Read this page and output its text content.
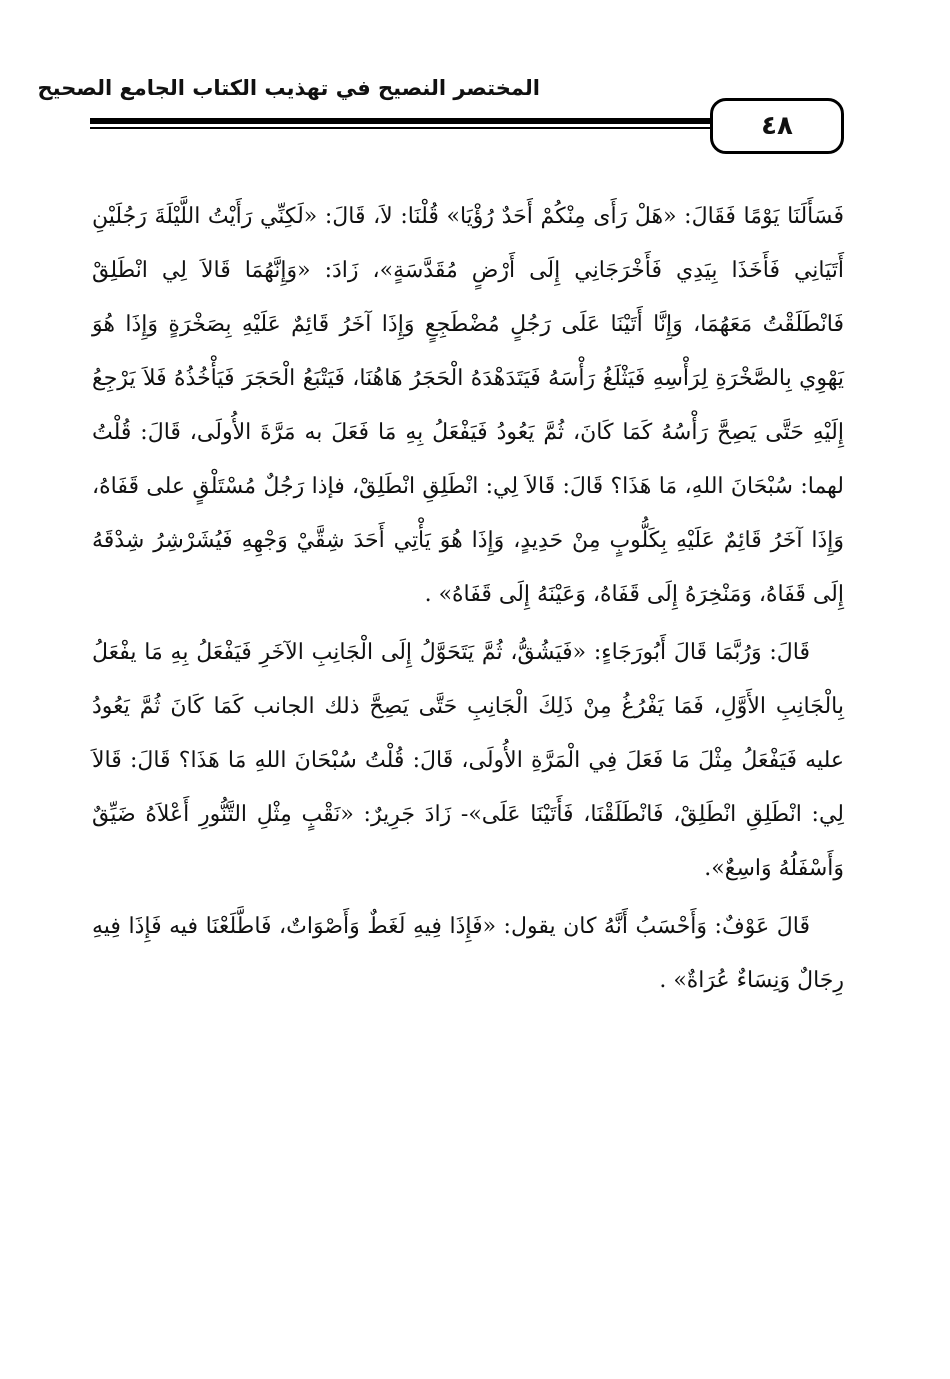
المختصر النصيح في تهذيب الكتاب الجامع الصحيح
٤٨

فَسَأَلَنَا يَوْمًا فَقَالَ: «هَلْ رَأَى مِنْكُمْ أَحَدٌ رُؤْيَا» قُلْنَا: لاَ، قَالَ: «لَكِنِّي رَأَيْتُ اللَّيْلَةَ رَجُلَيْنِ أَتَيَانِي فَأَخَذَا بِيَدِي فَأَخْرَجَانِي إِلَى أَرْضٍ مُقَدَّسَةٍ»، زَادَ: «وَإِنَّهُمَا قَالاَ لِي انْطَلِقْ فَانْطَلَقْتُ مَعَهُمَا، وَإِنَّا أَتَيْنَا عَلَى رَجُلٍ مُضْطَجِعٍ وَإِذَا آخَرُ قَائِمٌ عَلَيْهِ بِصَخْرَةٍ وَإِذَا هُوَ يَهْوِي بِالصَّخْرَةِ لِرَأْسِهِ فَيَثْلَغُ رَأْسَهُ فَيَتَدَهْدَهُ الْحَجَرُ هَاهُنَا، فَيَتْبَعُ الْحَجَرَ فَيَأْخُذُهُ فَلاَ يَرْجِعُ إِلَيْهِ حَتَّى يَصِحَّ رَأْسُهُ كَمَا كَانَ، ثُمَّ يَعُودُ فَيَفْعَلُ بِهِ مَا فَعَلَ به مَرَّةَ الأُولَى، قَالَ: قُلْتُ لهما: سُبْحَانَ اللهِ، مَا هَذَا؟ قَالَ: قَالاَ لِي: انْطَلِقِ انْطَلِقْ، فإذا رَجُلٌ مُسْتَلْقٍ على قَفَاهُ، وَإِذَا آخَرُ قَائِمٌ عَلَيْهِ بِكَلُّوبٍ مِنْ حَدِيدٍ، وَإِذَا هُوَ يَأْتِي أَحَدَ شِقَّيْ وَجْهِهِ فَيُشَرْشِرُ شِدْقَهُ إِلَى قَفَاهُ، وَمَنْخِرَهُ إِلَى قَفَاهُ، وَعَيْنَهُ إِلَى قَفَاهُ» .

قَالَ: وَرُبَّمَا قَالَ أَبُورَجَاءٍ: «فَيَشُقُّ، ثُمَّ يَتَحَوَّلُ إِلَى الْجَانِبِ الآخَرِ فَيَفْعَلُ بِهِ مَا يفْعَلُ بِالْجَانِبِ الأَوَّلِ، فَمَا يَفْرُغُ مِنْ ذَلِكَ الْجَانِبِ حَتَّى يَصِحَّ ذلك الجانب كَمَا كَانَ ثُمَّ يَعُودُ عليه فَيَفْعَلُ مِثْلَ مَا فَعَلَ فِي الْمَرَّةِ الأُولَى، قَالَ: قُلْتُ سُبْحَانَ اللهِ مَا هَذَا؟ قَالَ: قَالاَ لِي: انْطَلِقِ انْطَلِقْ، فَانْطَلَقْنَا، فَأَتَيْنَا عَلَى»- زَادَ جَرِيرٌ: «نَقْبٍ مِثْلِ التَّنُّورِ أَعْلاَهُ ضَيِّقٌ وَأَسْفَلُهُ وَاسِعٌ».

قَالَ عَوْفٌ: وَأَحْسَبُ أَنَّهُ كان يقول: «فَإِذَا فِيهِ لَغَطٌ وَأَصْوَاتٌ، فَاطَّلَعْنَا فيه فَإِذَا فِيهِ رِجَالٌ وَنِسَاءٌ عُرَاةٌ» .
